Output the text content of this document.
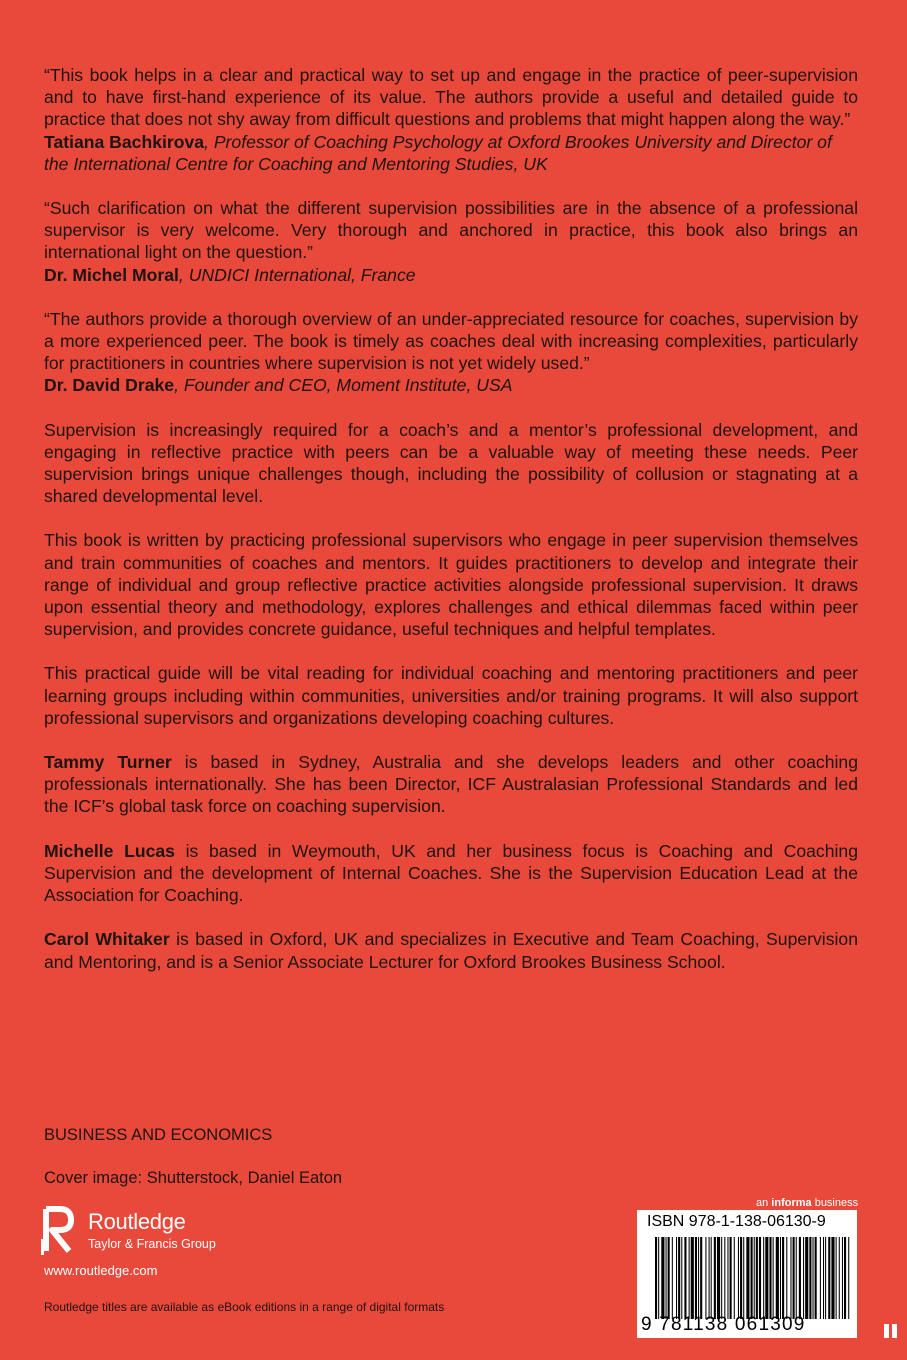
“This book helps in a clear and practical way to set up and engage in the practice of peer-supervision and to have first-hand experience of its value. The authors provide a useful and detailed guide to practice that does not shy away from difficult questions and problems that might happen along the way.”

Tatiana Bachkirova, Professor of Coaching Psychology at Oxford Brookes University and Director of the International Centre for Coaching and Mentoring Studies, UK

“Such clarification on what the different supervision possibilities are in the absence of a professional supervisor is very welcome. Very thorough and anchored in practice, this book also brings an international light on the question.”

Dr. Michel Moral, UNDICI International, France

“The authors provide a thorough overview of an under-appreciated resource for coaches, supervision by a more experienced peer. The book is timely as coaches deal with increasing complexities, particularly for practitioners in countries where supervision is not yet widely used.”

Dr. David Drake, Founder and CEO, Moment Institute, USA

Supervision is increasingly required for a coach’s and a mentor’s professional development, and engaging in reflective practice with peers can be a valuable way of meeting these needs. Peer supervision brings unique challenges though, including the possibility of collusion or stagnating at a shared developmental level.

This book is written by practicing professional supervisors who engage in peer supervision themselves and train communities of coaches and mentors. It guides practitioners to develop and integrate their range of individual and group reflective practice activities alongside professional supervision. It draws upon essential theory and methodology, explores challenges and ethical dilemmas faced within peer supervision, and provides concrete guidance, useful techniques and helpful templates.

This practical guide will be vital reading for individual coaching and mentoring practitioners and peer learning groups including within communities, universities and/or training programs. It will also support professional supervisors and organizations developing coaching cultures.

Tammy Turner is based in Sydney, Australia and she develops leaders and other coaching professionals internationally. She has been Director, ICF Australasian Professional Standards and led the ICF’s global task force on coaching supervision.

Michelle Lucas is based in Weymouth, UK and her business focus is Coaching and Coaching Supervision and the development of Internal Coaches. She is the Supervision Education Lead at the Association for Coaching.

Carol Whitaker is based in Oxford, UK and specializes in Executive and Team Coaching, Supervision and Mentoring, and is a Senior Associate Lecturer for Oxford Brookes Business School.

BUSINESS AND ECONOMICS
Cover image: Shutterstock, Daniel Eaton
Routledge
Taylor & Francis Group
www.routledge.com
Routledge titles are available as eBook editions in a range of digital formats
an informa business
ISBN 978-1-138-06130-9
9 781138 061309
